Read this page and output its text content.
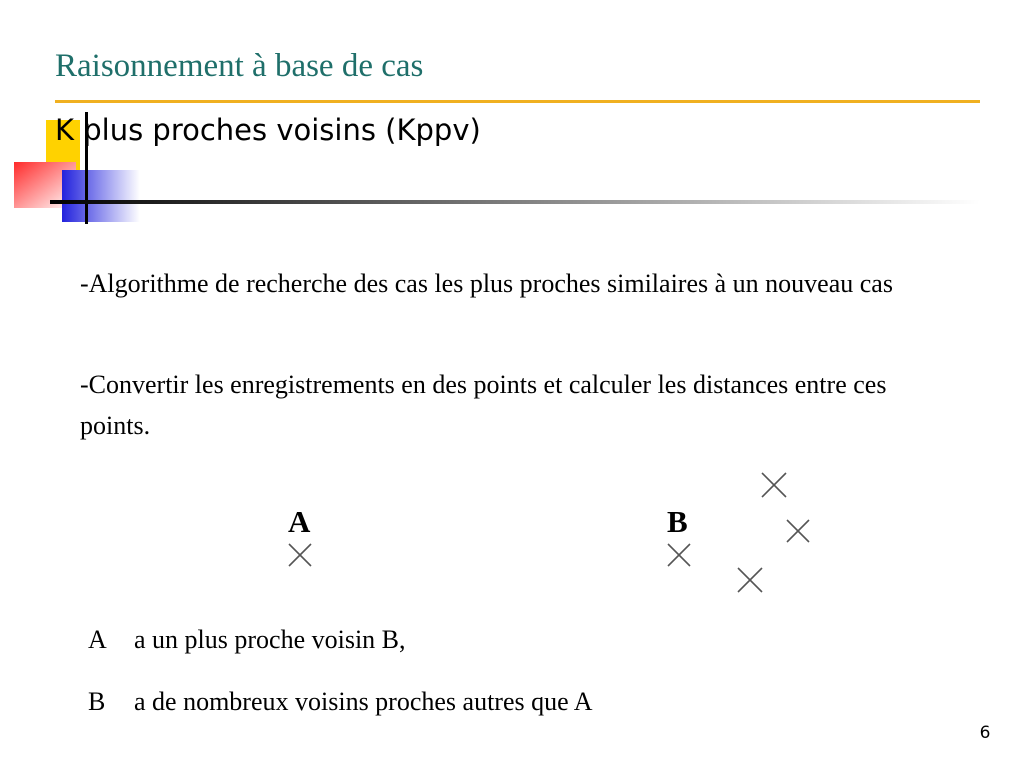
Raisonnement à base de cas
K plus proches voisins (Kppv)
-Algorithme de recherche des cas les plus proches similaires à un nouveau cas
-Convertir les enregistrements en des points et calculer les distances entre ces points.
A	B
A a un plus proche voisin B,
B a de nombreux voisins proches autres que A
6
